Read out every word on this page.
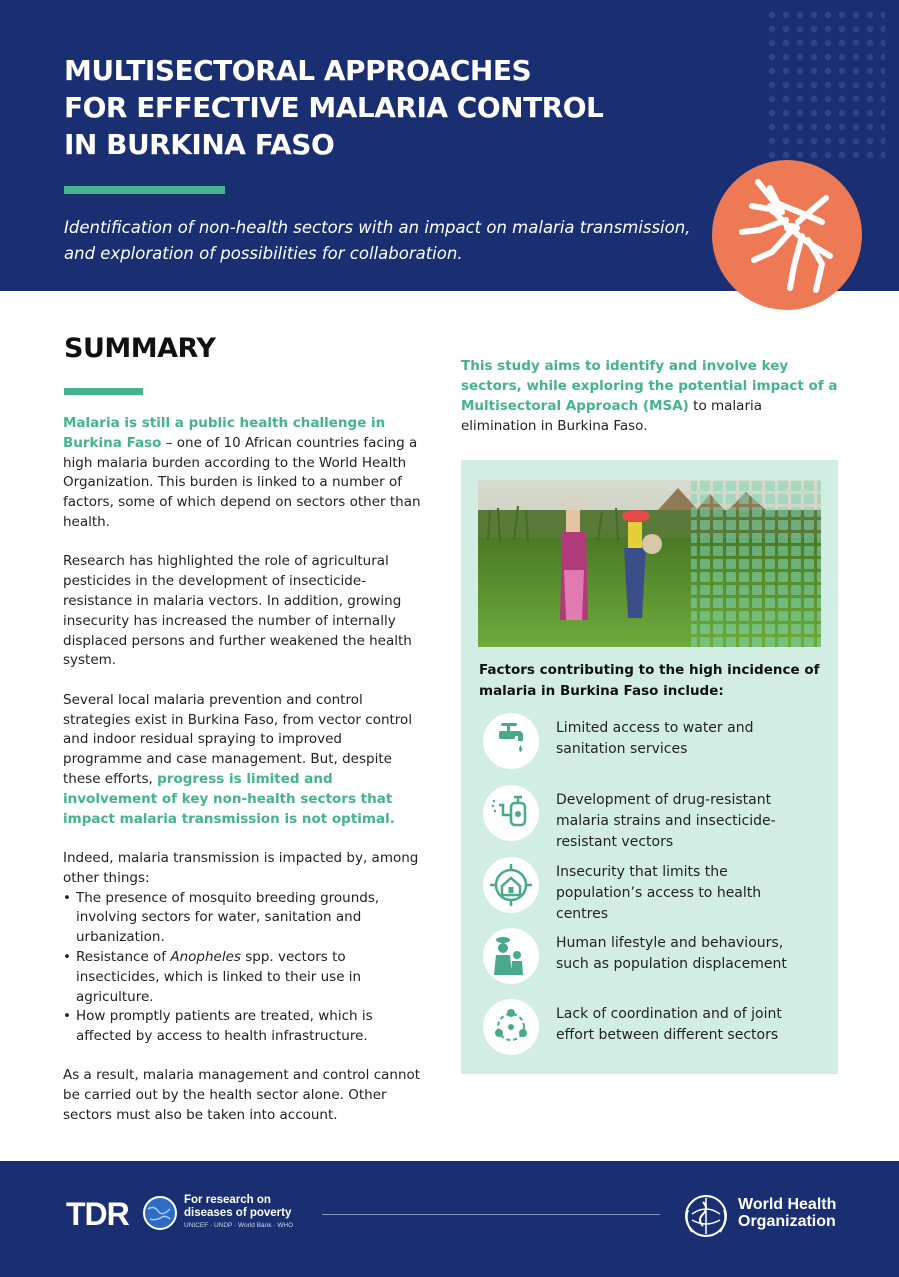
MULTISECTORAL APPROACHES
FOR EFFECTIVE MALARIA CONTROL
IN BURKINA FASO

Identification of non-health sectors with an impact on malaria transmission,
and exploration of possibilities for collaboration.

SUMMARY

Malaria is still a public health challenge in Burkina Faso – one of 10 African countries facing a high malaria burden according to the World Health Organization. This burden is linked to a number of factors, some of which depend on sectors other than health.

Research has highlighted the role of agricultural pesticides in the development of insecticide-resistance in malaria vectors. In addition, growing insecurity has increased the number of internally displaced persons and further weakened the health system.

Several local malaria prevention and control strategies exist in Burkina Faso, from vector control and indoor residual spraying to improved programme and case management. But, despite these efforts, progress is limited and involvement of key non-health sectors that impact malaria transmission is not optimal.

Indeed, malaria transmission is impacted by, among other things:
• The presence of mosquito breeding grounds, involving sectors for water, sanitation and urbanization.
• Resistance of Anopheles spp. vectors to insecticides, which is linked to their use in agriculture.
• How promptly patients are treated, which is affected by access to health infrastructure.

As a result, malaria management and control cannot be carried out by the health sector alone. Other sectors must also be taken into account.

This study aims to identify and involve key sectors, while exploring the potential impact of a Multisectoral Approach (MSA) to malaria elimination in Burkina Faso.

Factors contributing to the high incidence of malaria in Burkina Faso include:

Limited access to water and sanitation services
Development of drug-resistant malaria strains and insecticide-resistant vectors
Insecurity that limits the population’s access to health centres
Human lifestyle and behaviours, such as population displacement
Lack of coordination and of joint effort between different sectors
TDR	For research on
diseases of poverty
UNICEF · UNDP · World Bank · WHO
World Health
Organization
